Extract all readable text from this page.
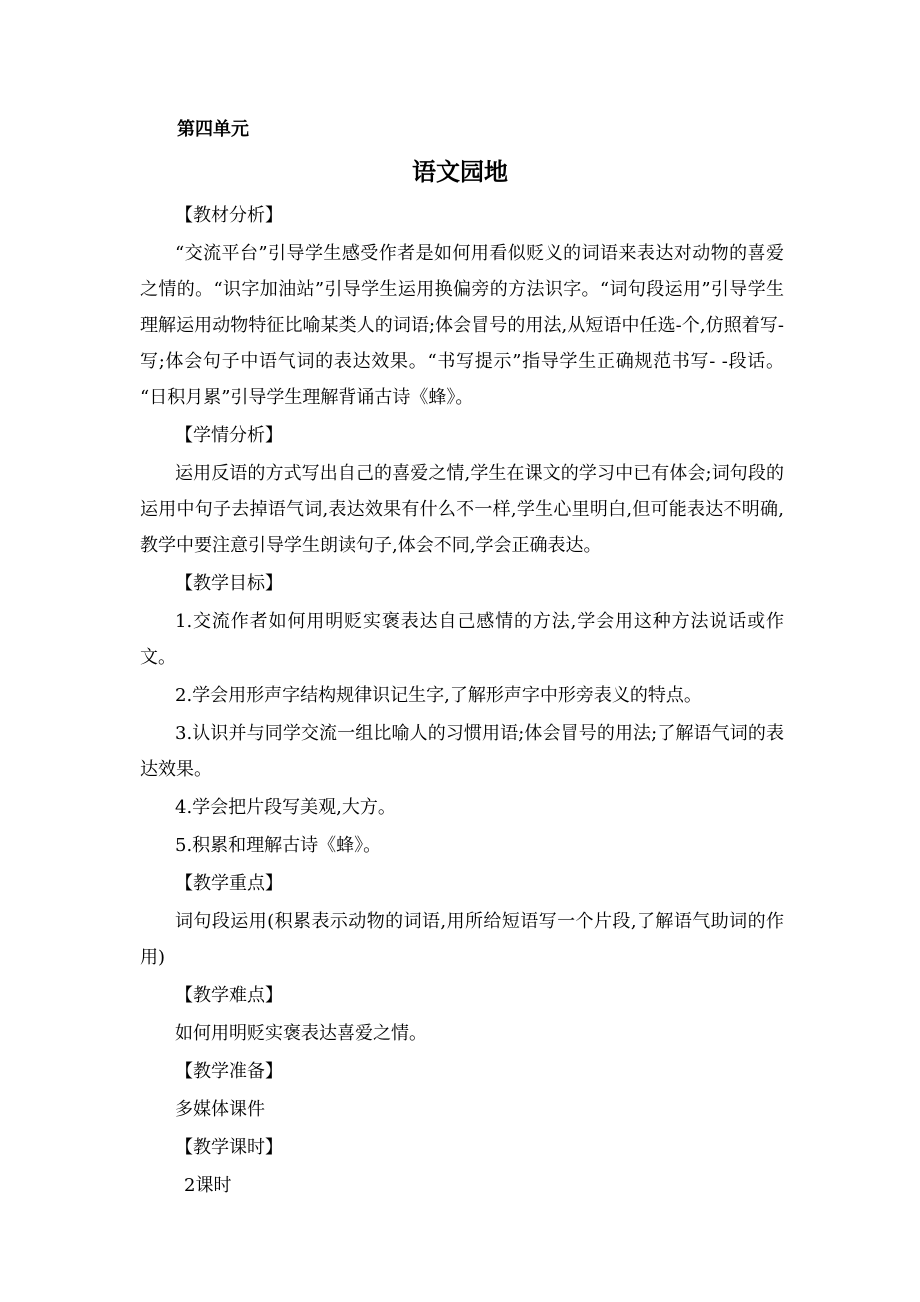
第四单元
语文园地
【教材分析】
“交流平台”引导学生感受作者是如何用看似贬义的词语来表达对动物的喜爱之情的。“识字加油站”引导学生运用换偏旁的方法识字。“词句段运用”引导学生理解运用动物特征比喻某类人的词语;体会冒号的用法,从短语中任选-个,仿照着写-写;体会句子中语气词的表达效果。“书写提示”指导学生正确规范书写- -段话。 “日积月累”引导学生理解背诵古诗《蜂》。
【学情分析】
运用反语的方式写出自己的喜爱之情,学生在课文的学习中已有体会;词句段的运用中句子去掉语气词,表达效果有什么不一样,学生心里明白,但可能表达不明确,教学中要注意引导学生朗读句子,体会不同,学会正确表达。
【教学目标】
1.交流作者如何用明贬实褒表达自己感情的方法,学会用这种方法说话或作文。
2.学会用形声字结构规律识记生字,了解形声字中形旁表义的特点。
3.认识并与同学交流一组比喻人的习惯用语;体会冒号的用法;了解语气词的表达效果。
4.学会把片段写美观,大方。
5.积累和理解古诗《蜂》。
【教学重点】
词句段运用(积累表示动物的词语,用所给短语写一个片段,了解语气助词的作用)
【教学难点】
如何用明贬实褒表达喜爱之情。
【教学准备】
多媒体课件
【教学课时】
2课时
